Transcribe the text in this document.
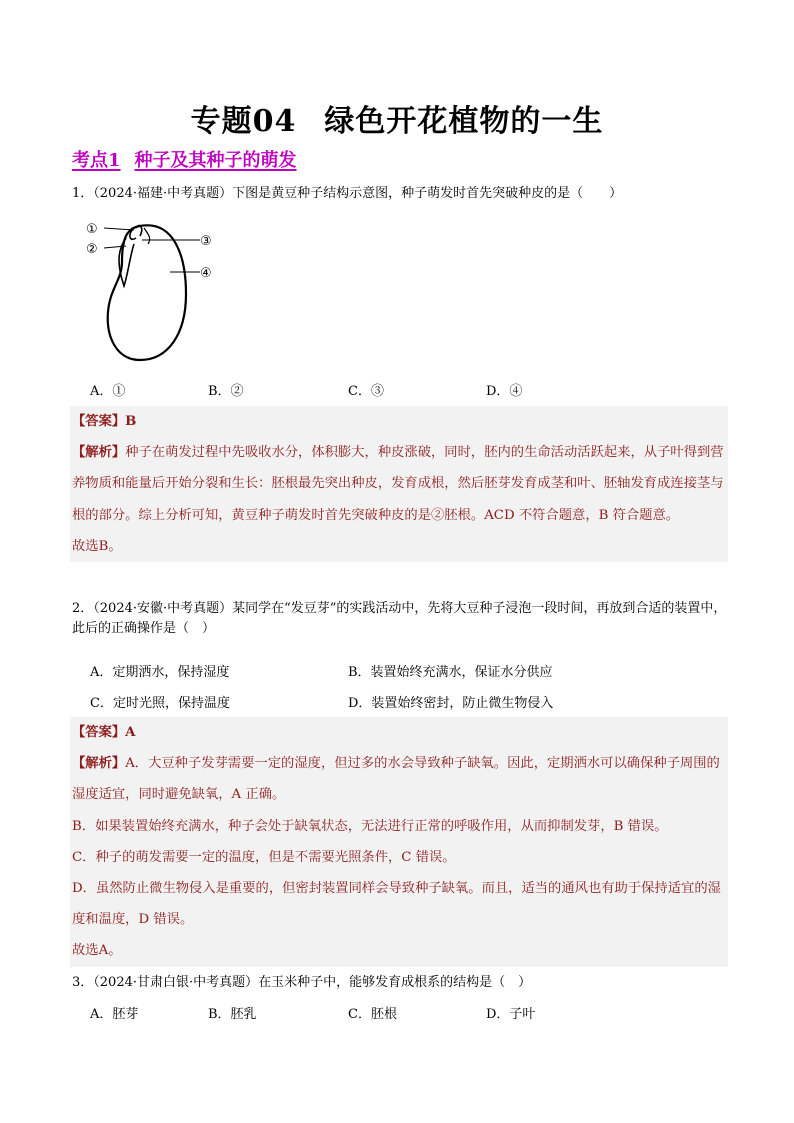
专题04 绿色开花植物的一生
考点1 种子及其种子的萌发
1．（2024·福建·中考真题）下图是黄豆种子结构示意图，种子萌发时首先突破种皮的是（　　）
①
②
③
④
A．①	B．②	C．③	D．④

【答案】B

【解析】种子在萌发过程中先吸收水分，体积膨大，种皮涨破，同时，胚内的生命活动活跃起来，从子叶得到营养物质和能量后开始分裂和生长：胚根最先突出种皮，发育成根，然后胚芽发育成茎和叶、胚轴发育成连接茎与根的部分。综上分析可知，黄豆种子萌发时首先突破种皮的是②胚根。ACD 不符合题意，B 符合题意。

故选B。

2．（2024·安徽·中考真题）某同学在“发豆芽”的实践活动中，先将大豆种子浸泡一段时间，再放到合适的装置中，此后的正确操作是（　）
A．定期洒水，保持湿度	B．装置始终充满水，保证水分供应
C．定时光照，保持温度	D．装置始终密封，防止微生物侵入

【答案】A

【解析】A．大豆种子发芽需要一定的湿度，但过多的水会导致种子缺氧。因此，定期洒水可以确保种子周围的湿度适宜，同时避免缺氧，A 正确。

B．如果装置始终充满水，种子会处于缺氧状态，无法进行正常的呼吸作用，从而抑制发芽，B 错误。

C．种子的萌发需要一定的温度，但是不需要光照条件，C 错误。

D．虽然防止微生物侵入是重要的，但密封装置同样会导致种子缺氧。而且，适当的通风也有助于保持适宜的湿度和温度，D 错误。

故选A。

3．（2024·甘肃白银·中考真题）在玉米种子中，能够发育成根系的结构是（　）
A．胚芽	B．胚乳	C．胚根	D．子叶
